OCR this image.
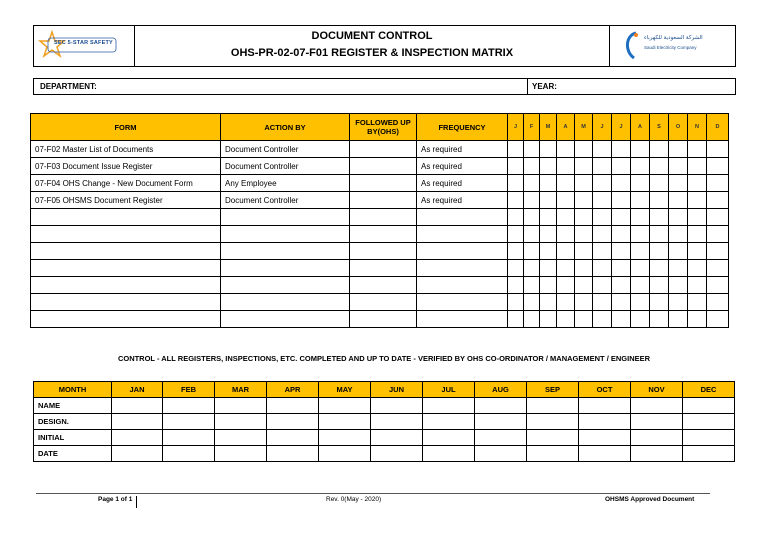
SEC 5-STAR SAFETY
DOCUMENT CONTROL
OHS-PR-02-07-F01 REGISTER & INSPECTION MATRIX
الشركة السعودية للكهرباء
Saudi Electricity Company
DEPARTMENT:	YEAR:
FORM	ACTION BY	FOLLOWED UP BY(OHS)	FREQUENCY	J	F	M	A	M	J	J	A	S	O	N	D
07-F02 Master List of Documents	Document Controller		As required												
07-F03 Document Issue Register	Document Controller		As required												
07-F04 OHS Change - New Document Form	Any Employee		As required												
07-F05 OHSMS Document Register	Document Controller		As required												

CONTROL - ALL REGISTERS, INSPECTIONS, ETC. COMPLETED AND UP TO DATE - VERIFIED BY OHS CO-ORDINATOR / MANAGEMENT / ENGINEER
MONTH	JAN	FEB	MAR	APR	MAY	JUN	JUL	AUG	SEP	OCT	NOV	DEC
NAME												
DESIGN.												
INITIAL												
DATE												
Page 1 of 1	Rev. 0(May - 2020)	OHSMS Approved Document
